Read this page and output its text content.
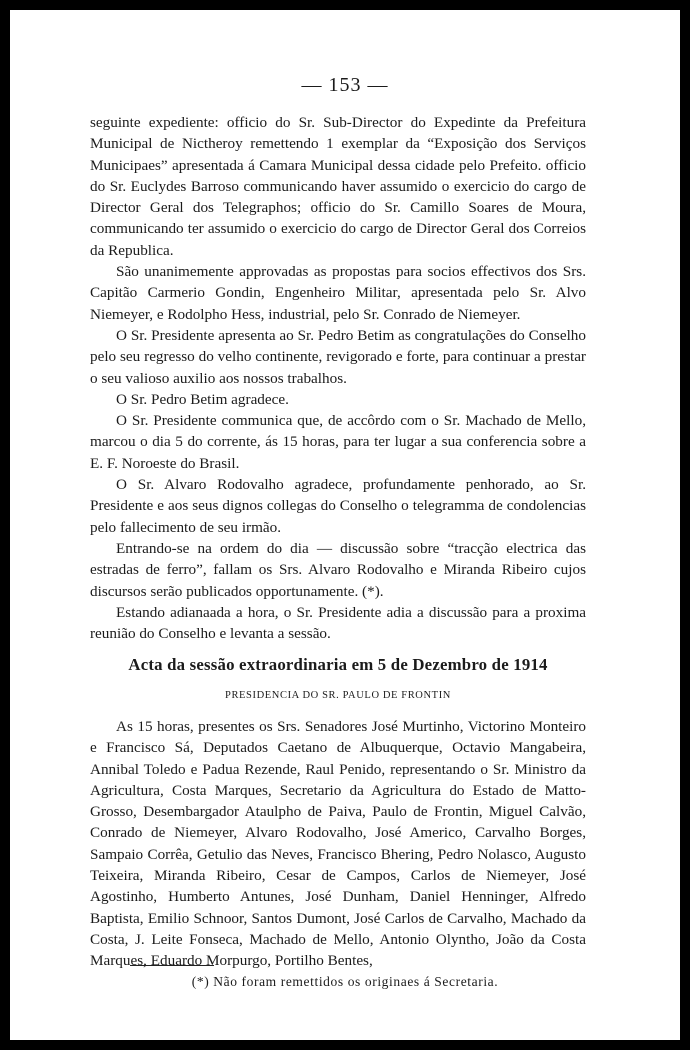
— 153 —

seguinte expediente: officio do Sr. Sub-Director do Expedinte da Prefeitura Municipal de Nictheroy remettendo 1 exemplar da “Exposição dos Serviços Municipaes” apresentada á Camara Municipal dessa cidade pelo Prefeito. officio do Sr. Euclydes Barroso communicando haver assumido o exercicio do cargo de Director Geral dos Telegraphos; officio do Sr. Camillo Soares de Moura, communicando ter assumido o exercicio do cargo de Director Geral dos Correios da Republica.

São unanimemente approvadas as propostas para socios effectivos dos Srs. Capitão Carmerio Gondin, Engenheiro Militar, apresentada pelo Sr. Alvo Niemeyer, e Rodolpho Hess, industrial, pelo Sr. Conrado de Niemeyer.

O Sr. Presidente apresenta ao Sr. Pedro Betim as congratulações do Conselho pelo seu regresso do velho continente, revigorado e forte, para continuar a prestar o seu valioso auxilio aos nossos trabalhos.

O Sr. Pedro Betim agradece.

O Sr. Presidente communica que, de accôrdo com o Sr. Machado de Mello, marcou o dia 5 do corrente, ás 15 horas, para ter lugar a sua conferencia sobre a E. F. Noroeste do Brasil.

O Sr. Alvaro Rodovalho agradece, profundamente penhorado, ao Sr. Presidente e aos seus dignos collegas do Conselho o telegramma de condolencias pelo fallecimento de seu irmão.

Entrando-se na ordem do dia — discussão sobre “tracção electrica das estradas de ferro”, fallam os Srs. Alvaro Rodovalho e Miranda Ribeiro cujos discursos serão publicados opportunamente. (*).

Estando adianaada a hora, o Sr. Presidente adia a discussão para a proxima reunião do Conselho e levanta a sessão.

Acta da sessão extraordinaria em 5 de Dezembro de 1914
PRESIDENCIA DO SR. PAULO DE FRONTIN

As 15 horas, presentes os Srs. Senadores José Murtinho, Victorino Monteiro e Francisco Sá, Deputados Caetano de Albuquerque, Octavio Mangabeira, Annibal Toledo e Padua Rezende, Raul Penido, representando o Sr. Ministro da Agricultura, Costa Marques, Secretario da Agricultura do Estado de Matto-Grosso, Desembargador Ataulpho de Paiva, Paulo de Frontin, Miguel Calvão, Conrado de Niemeyer, Alvaro Rodovalho, José Americo, Carvalho Borges, Sampaio Corrêa, Getulio das Neves, Francisco Bhering, Pedro Nolasco, Augusto Teixeira, Miranda Ribeiro, Cesar de Campos, Carlos de Niemeyer, José Agostinho, Humberto Antunes, José Dunham, Daniel Henninger, Alfredo Baptista, Emilio Schnoor, Santos Dumont, José Carlos de Carvalho, Machado da Costa, J. Leite Fonseca, Machado de Mello, Antonio Olyntho, João da Costa Marques, Eduardo Morpurgo, Portilho Bentes,

(*) Não foram remettidos os originaes á Secretaria.
